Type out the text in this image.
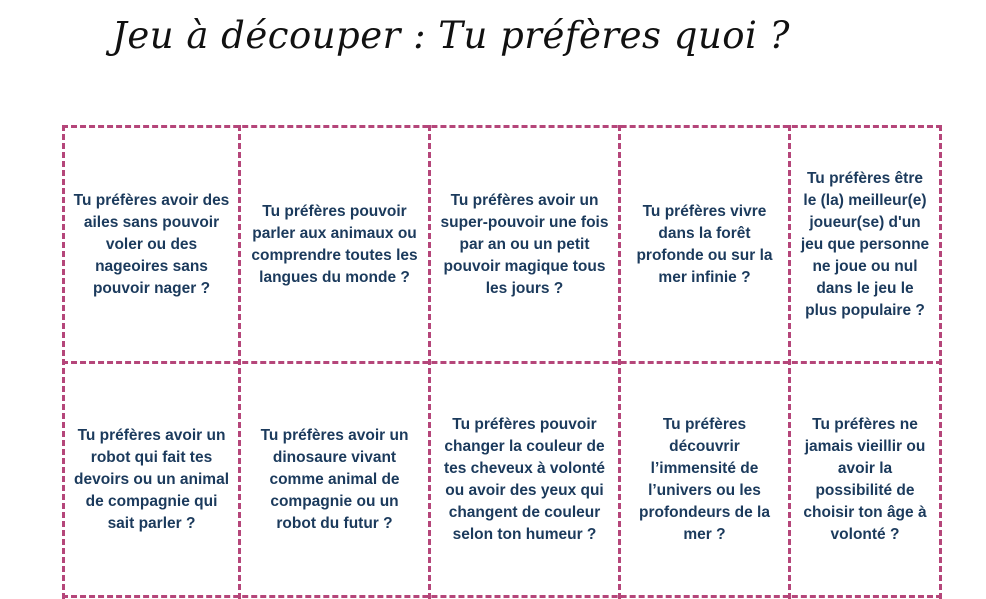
Jeu à découper : Tu préfères quoi ?
Tu préfères avoir des ailes sans pouvoir voler ou des nageoires sans pouvoir nager ?
Tu préfères pouvoir parler aux animaux ou comprendre toutes les langues du monde ?
Tu préfères avoir un super-pouvoir une fois par an ou un petit pouvoir magique tous les jours ?
Tu préfères vivre dans la forêt profonde ou sur la mer infinie ?
Tu préfères être le (la) meilleur(e) joueur(se) d'un jeu que personne ne joue ou nul dans le jeu le plus populaire ?
Tu préfères avoir un robot qui fait tes devoirs ou un animal de compagnie qui sait parler ?
Tu préfères avoir un dinosaure vivant comme animal de compagnie ou un robot du futur ?
Tu préfères pouvoir changer la couleur de tes cheveux à volonté ou avoir des yeux qui changent de couleur selon ton humeur ?
Tu préfères découvrir l’immensité de l’univers ou les profondeurs de la mer ?
Tu préfères ne jamais vieillir ou avoir la possibilité de choisir ton âge à volonté ?
